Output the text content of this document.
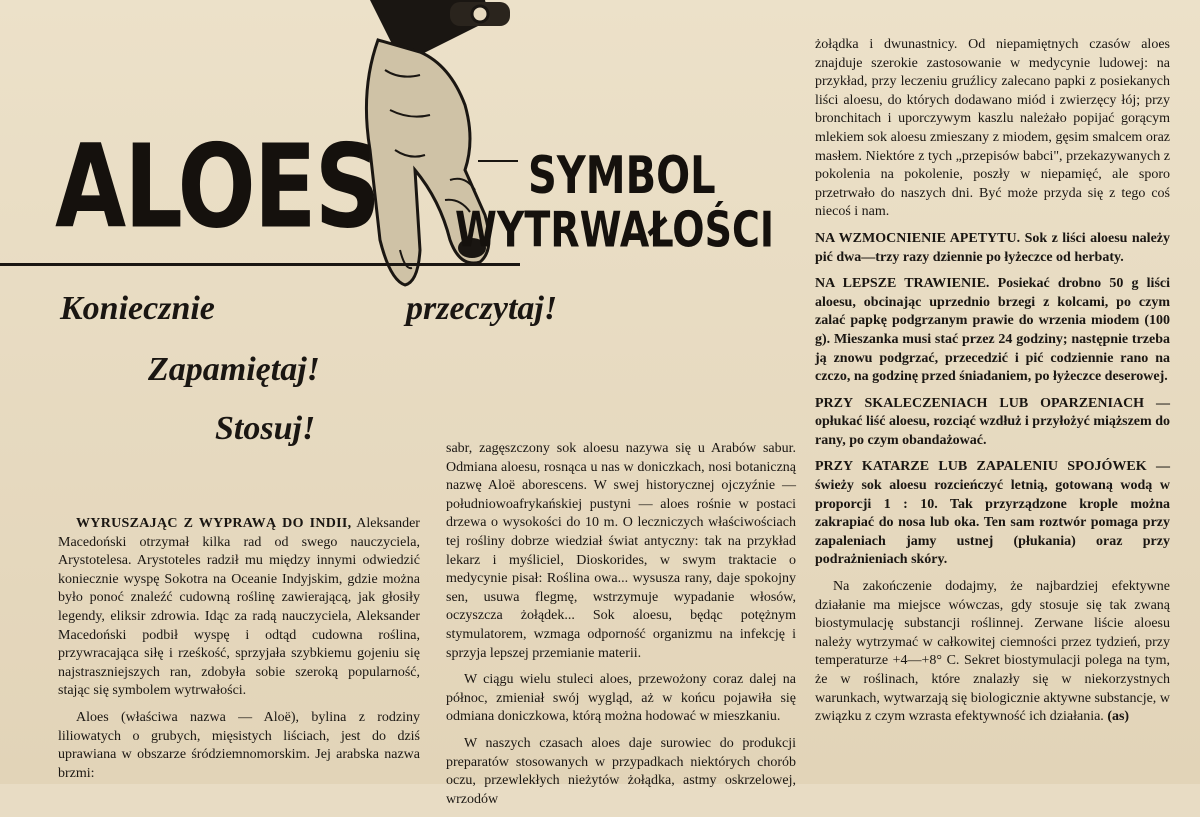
ALOES	SYMBOL
WYTRWAŁOŚCI
Koniecznie	przeczytaj!
Zapamiętaj!
Stosuj!

WYRUSZAJĄC Z WYPRAWĄ DO INDII, Aleksander Macedoński otrzymał kilka rad od swego nauczyciela, Arystotelesa. Arystoteles radził mu między innymi odwiedzić koniecznie wyspę Sokotra na Oceanie Indyjskim, gdzie można było ponoć znaleźć cudowną roślinę zawierającą, jak głosiły legendy, eliksir zdrowia. Idąc za radą nauczyciela, Aleksander Macedoński podbił wyspę i odtąd cudowna roślina, przywracająca siłę i rześkość, sprzyjała szybkiemu gojeniu się najstraszniejszych ran, zdobyła sobie szeroką popularność, stając się symbolem wytrwałości.

Aloes (właściwa nazwa — Aloë), bylina z rodziny liliowatych o grubych, mięsistych liściach, jest do dziś uprawiana w obszarze śródziemnomorskim. Jej arabska nazwa brzmi:

sabr, zagęszczony sok aloesu nazywa się u Arabów sabur. Odmiana aloesu, rosnąca u nas w doniczkach, nosi botaniczną nazwę Aloë aborescens. W swej historycznej ojczyźnie — południowoafrykańskiej pustyni — aloes rośnie w postaci drzewa o wysokości do 10 m. O leczniczych właściwościach tej rośliny dobrze wiedział świat antyczny: tak na przykład lekarz i myśliciel, Dioskorides, w swym traktacie o medycynie pisał: Roślina owa... wysusza rany, daje spokojny sen, usuwa flegmę, wstrzymuje wypadanie włosów, oczyszcza żołądek... Sok aloesu, będąc potężnym stymulatorem, wzmaga odporność organizmu na infekcję i sprzyja lepszej przemianie materii.

W ciągu wielu stuleci aloes, przewożony coraz dalej na północ, zmieniał swój wygląd, aż w końcu pojawiła się odmiana doniczkowa, którą można hodować w mieszkaniu.

W naszych czasach aloes daje surowiec do produkcji preparatów stosowanych w przypadkach niektórych chorób oczu, przewlekłych nieżytów żołądka, astmy oskrzelowej, wrzodów

żołądka i dwunastnicy. Od niepamiętnych czasów aloes znajduje szerokie zastosowanie w medycynie ludowej: na przykład, przy leczeniu gruźlicy zalecano papki z posiekanych liści aloesu, do których dodawano miód i zwierzęcy łój; przy bronchitach i uporczywym kaszlu należało popijać gorącym mlekiem sok aloesu zmieszany z miodem, gęsim smalcem oraz masłem. Niektóre z tych „przepisów babci", przekazywanych z pokolenia na pokolenie, poszły w niepamięć, ale sporo przetrwało do naszych dni. Być może przyda się z tego coś niecoś i nam.

NA WZMOCNIENIE APETYTU. Sok z liści aloesu należy pić dwa—trzy razy dziennie po łyżeczce od herbaty.

NA LEPSZE TRAWIENIE. Posiekać drobno 50 g liści aloesu, obcinając uprzednio brzegi z kolcami, po czym zalać papkę podgrzanym prawie do wrzenia miodem (100 g). Mieszanka musi stać przez 24 godziny; następnie trzeba ją znowu podgrzać, przecedzić i pić codziennie rano na czczo, na godzinę przed śniadaniem, po łyżeczce deserowej.

PRZY SKALECZENIACH LUB OPARZENIACH — opłukać liść aloesu, rozciąć wzdłuż i przyłożyć miąższem do rany, po czym obandażować.

PRZY KATARZE LUB ZAPALENIU SPOJÓWEK — świeży sok aloesu rozcieńczyć letnią, gotowaną wodą w proporcji 1 : 10. Tak przyrządzone krople można zakrapiać do nosa lub oka. Ten sam roztwór pomaga przy zapaleniach jamy ustnej (płukania) oraz przy podrażnieniach skóry.

Na zakończenie dodajmy, że najbardziej efektywne działanie ma miejsce wówczas, gdy stosuje się tak zwaną biostymulację substancji roślinnej. Zerwane liście aloesu należy wytrzymać w całkowitej ciemności przez tydzień, przy temperaturze +4—+8° C. Sekret biostymulacji polega na tym, że w roślinach, które znalazły się w niekorzystnych warunkach, wytwarzają się biologicznie aktywne substancje, w związku z czym wzrasta efektywność ich działania. (as)
